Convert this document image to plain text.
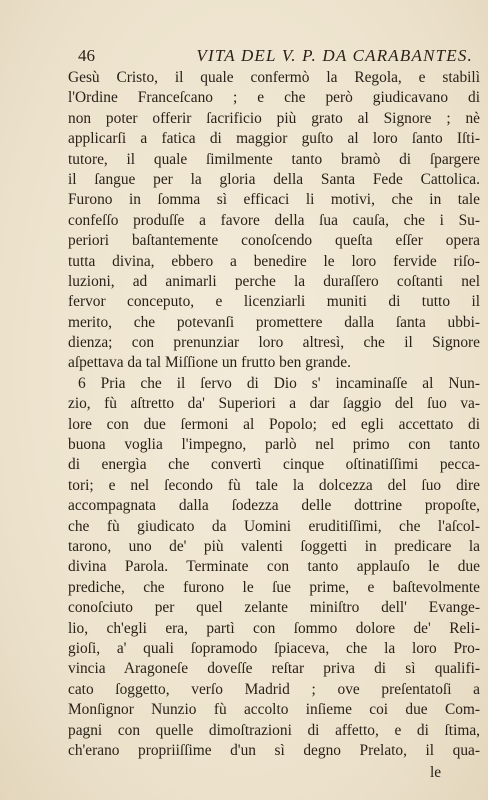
46	VITA DEL V. P. DA CARABANTES.
Gesù Cristo, il quale confermò la Regola, e stabilì
l'Ordine Franceſcano ; e che però giudicavano di
non poter offerir ſacrificio più grato al Signore ; nè
applicarſi a fatica di maggior guſto al loro ſanto Iſti-
tutore, il quale ſimilmente tanto bramò di ſpargere
il ſangue per la gloria della Santa Fede Cattolica.
Furono in ſomma sì efficaci li motivi, che in tale
confeſſo produſſe a favore della ſua cauſa, che i Su-
periori baſtantemente conoſcendo queſta eſſer opera
tutta divina, ebbero a benedire le loro fervide riſo-
luzioni, ad animarli perche la duraſſero coſtanti nel
fervor conceputo, e licenziarli muniti di tutto il
merito, che potevanſi promettere dalla ſanta ubbi-
dienza; con prenunziar loro altresì, che il Signore
aſpettava da tal Miſſione un frutto ben grande.
6 Pria che il ſervo di Dio s' incaminaſſe al Nun-
zio, fù aſtretto da' Superiori a dar ſaggio del ſuo va-
lore con due ſermoni al Popolo; ed egli accettato di
buona voglia l'impegno, parlò nel primo con tanto
di energìa che convertì cinque oſtinatiſſimi pecca-
tori; e nel ſecondo fù tale la dolcezza del ſuo dire
accompagnata dalla ſodezza delle dottrine propoſte,
che fù giudicato da Uomini eruditiſſimi, che l'aſcol-
tarono, uno de' più valenti ſoggetti in predicare la
divina Parola. Terminate con tanto applauſo le due
prediche, che furono le ſue prime, e baſtevolmente
conoſciuto per quel zelante miniſtro dell' Evange-
lio, ch'egli era, partì con ſommo dolore de' Reli-
gioſi, a' quali ſopramodo ſpiaceva, che la loro Pro-
vincia Aragoneſe doveſſe reſtar priva di sì qualifi-
cato ſoggetto, verſo Madrid ; ove preſentatoſi a
Monſignor Nunzio fù accolto inſieme coi due Com-
pagni con quelle dimoſtrazioni di affetto, e di ſtima,
ch'erano propriiſſime d'un sì degno Prelato, il qua-
le
